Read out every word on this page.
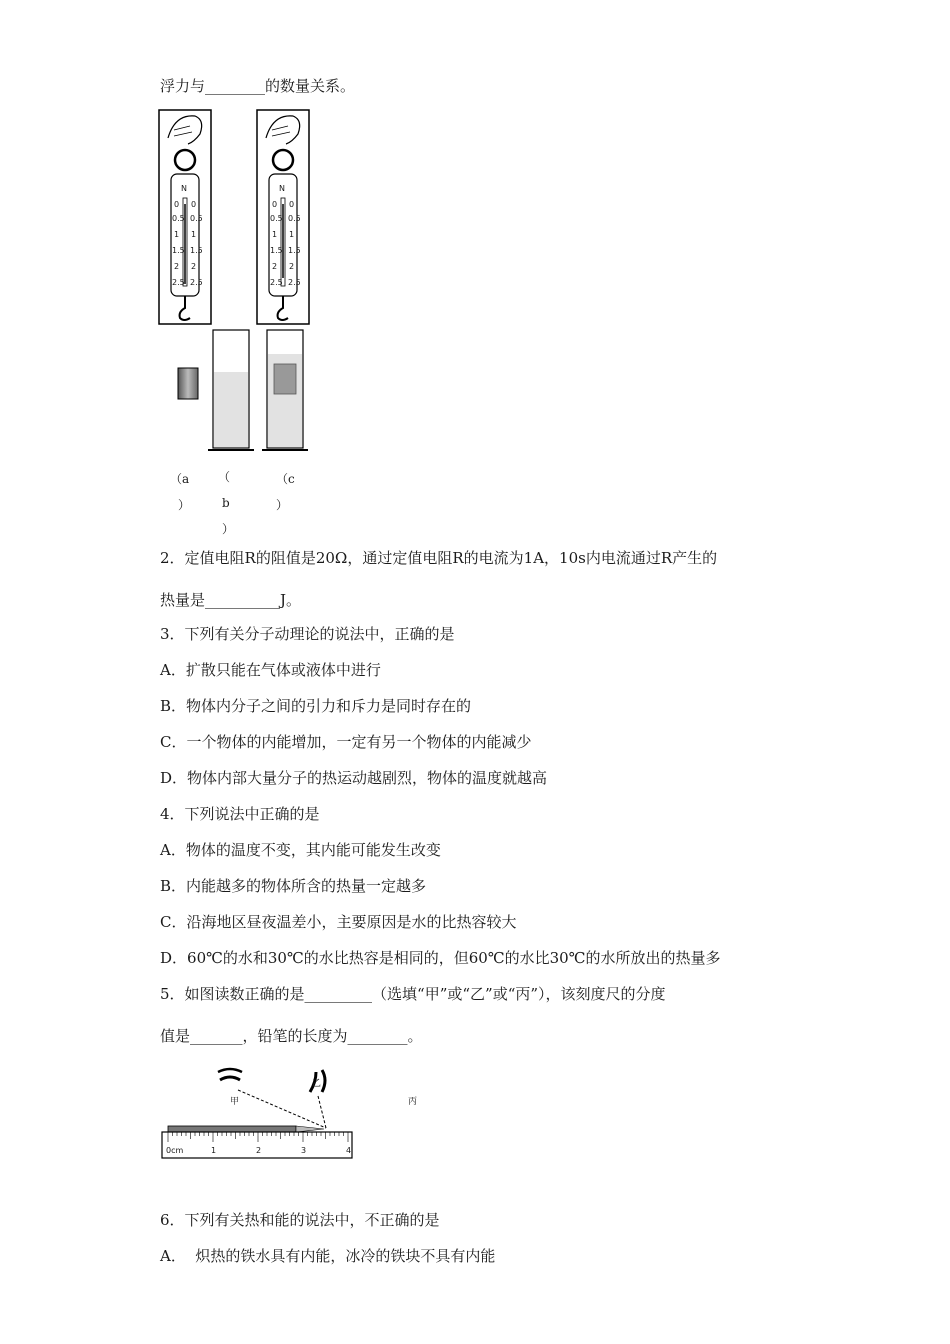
浮力与________的数量关系。
N	N
0
0.5
1
1.5
2
2.5
0
0.5
1
1.5
2
2.5
0
0.5
1
1.5
2
2.5
0
0.5
1
1.5
2
2.5
（a
）
（
b
）
（c
）
2．定值电阻R的阻值是20Ω，通过定值电阻R的电流为1A，10s内电流通过R产生的
热量是__________J。
3．下列有关分子动理论的说法中，正确的是
A．扩散只能在气体或液体中进行
B．物体内分子之间的引力和斥力是同时存在的
C．一个物体的内能增加，一定有另一个物体的内能减少
D．物体内部大量分子的热运动越剧烈，物体的温度就越高
4．下列说法中正确的是
A．物体的温度不变，其内能可能发生改变
B．内能越多的物体所含的热量一定越多
C．沿海地区昼夜温差小，主要原因是水的比热容较大
D．60℃的水和30℃的水比热容是相同的，但60℃的水比30℃的水所放出的热量多
5．如图读数正确的是_________（选填“甲”或“乙”或“丙”），该刻度尺的分度
值是_______，铅笔的长度为________。
甲
乙
丙
0cm	1	2	3	4
6．下列有关热和能的说法中，不正确的是
A．  炽热的铁水具有内能，冰冷的铁块不具有内能
